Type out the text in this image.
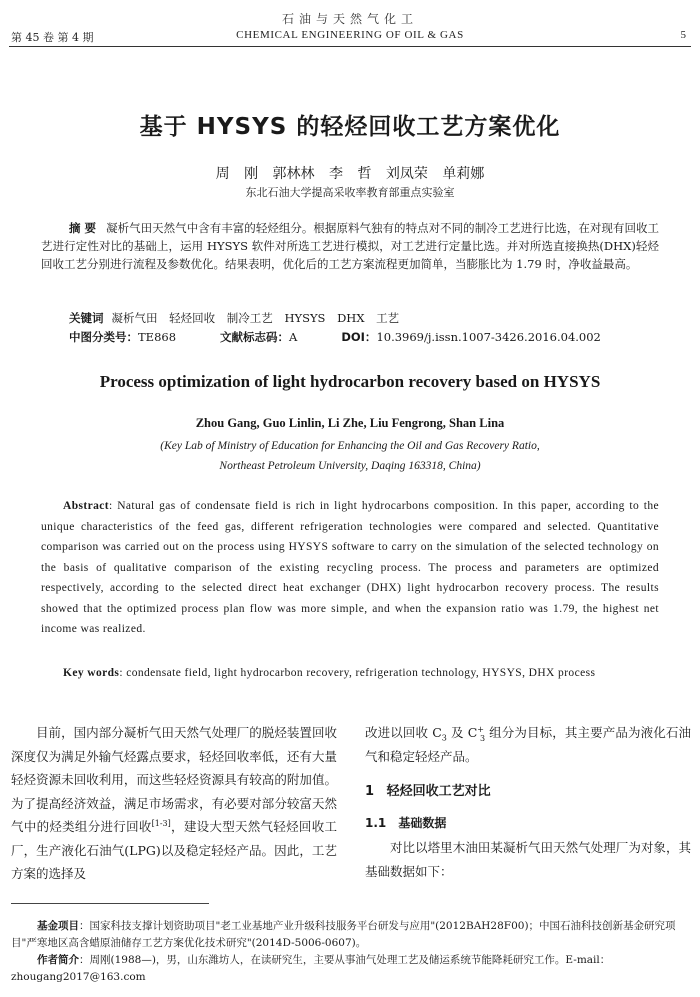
石油与天然气化工
第 45 卷 第 4 期	CHEMICAL ENGINEERING OF OIL & GAS	5
基于 HYSYS 的轻烃回收工艺方案优化
周 刚 郭林林 李 哲 刘凤荣 单莉娜
东北石油大学提高采收率教育部重点实验室
摘 要 凝析气田天然气中含有丰富的轻烃组分。根据原料气独有的特点对不同的制冷工艺进行比选，在对现有回收工艺进行定性对比的基础上，运用 HYSYS 软件对所选工艺进行模拟，对工艺进行定量比选。并对所选直接换热(DHX)轻烃回收工艺分别进行流程及参数优化。结果表明，优化后的工艺方案流程更加简单，当膨胀比为 1.79 时，净收益最高。
关键词 凝析气田 轻烃回收 制冷工艺 HYSYS DHX 工艺
中图分类号：TE868	文献标志码：A	DOI：10.3969/j.issn.1007-3426.2016.04.002
Process optimization of light hydrocarbon recovery based on HYSYS
Zhou Gang, Guo Linlin, Li Zhe, Liu Fengrong, Shan Lina
(Key Lab of Ministry of Education for Enhancing the Oil and Gas Recovery Ratio,
Northeast Petroleum University, Daqing 163318, China)
Abstract: Natural gas of condensate field is rich in light hydrocarbons composition. In this paper, according to the unique characteristics of the feed gas, different refrigeration technologies were compared and selected. Quantitative comparison was carried out on the process using HYSYS software to carry on the simulation of the selected technology on the basis of qualitative comparison of the existing recycling process. The process and parameters are optimized respectively, according to the selected direct heat exchanger (DHX) light hydrocarbon recovery process. The results showed that the optimized process plan flow was more simple, and when the expansion ratio was 1.79, the highest net income was realized.
Key words: condensate field, light hydrocarbon recovery, refrigeration technology, HYSYS, DHX process
目前，国内部分凝析气田天然气处理厂的脱烃装置回收深度仅为满足外输气烃露点要求，轻烃回收率低，还有大量轻烃资源未回收利用，而这些轻烃资源具有较高的附加值。为了提高经济效益，满足市场需求，有必要对部分较富天然气中的烃类组分进行回收[1-3]，建设大型天然气轻烃回收工厂，生产液化石油气(LPG)以及稳定轻烃产品。因此，工艺方案的选择及
改进以回收 $C_3$ 及 $C^+_3$ 组分为目标，其主要产品为液化石油气和稳定轻烃产品。
1 轻烃回收工艺对比
1.1 基础数据
对比以塔里木油田某凝析气田天然气处理厂为对象，其基础数据如下：
基金项目：国家科技支撑计划资助项目"老工业基地产业升级科技服务平台研发与应用"(2012BAH28F00)；中国石油科技创新基金研究项目"严寒地区高含蜡原油储存工艺方案优化技术研究"(2014D-5006-0607)。
作者简介：周刚(1988—)，男，山东潍坊人，在读研究生，主要从事油气处理工艺及储运系统节能降耗研究工作。E-mail：zhougang2017@163.com
